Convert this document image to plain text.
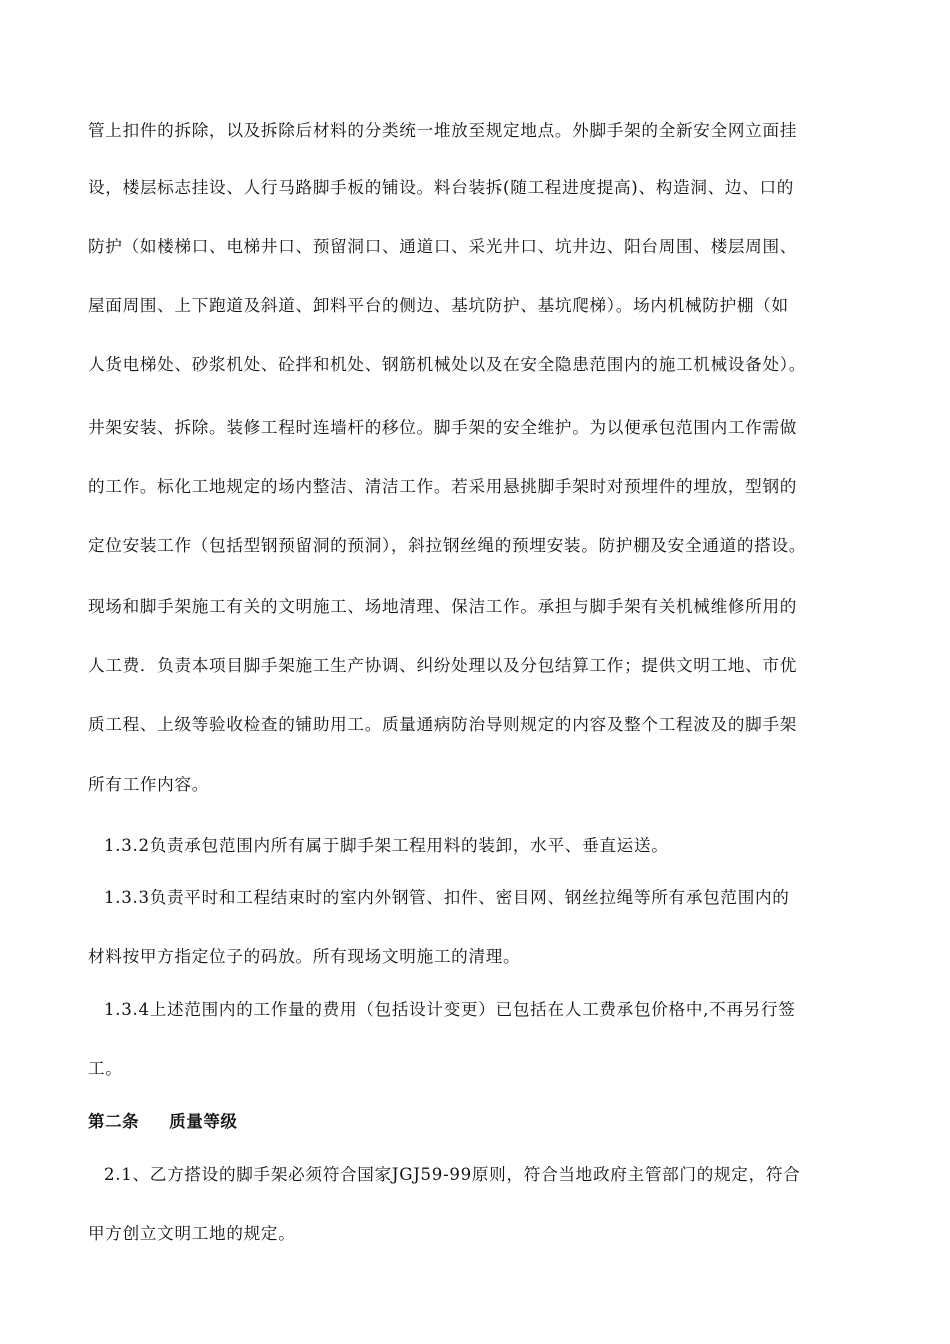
管上扣件的拆除，以及拆除后材料的分类统一堆放至规定地点。外脚手架的全新安全网立面挂
设，楼层标志挂设、人行马路脚手板的铺设。料台装拆(随工程进度提高)、构造洞、边、口的
防护（如楼梯口、电梯井口、预留洞口、通道口、采光井口、坑井边、阳台周围、楼层周围、
屋面周围、上下跑道及斜道、卸料平台的侧边、基坑防护、基坑爬梯）。场内机械防护棚（如
人货电梯处、砂浆机处、砼拌和机处、钢筋机械处以及在安全隐患范围内的施工机械设备处）。
井架安装、拆除。装修工程时连墙杆的移位。脚手架的安全维护。为以便承包范围内工作需做
的工作。标化工地规定的场内整洁、清洁工作。若采用悬挑脚手架时对预埋件的埋放，型钢的
定位安装工作（包括型钢预留洞的预洞），斜拉钢丝绳的预埋安装。防护棚及安全通道的搭设。
现场和脚手架施工有关的文明施工、场地清理、保洁工作。承担与脚手架有关机械维修所用的
人工费．负责本项目脚手架施工生产协调、纠纷处理以及分包结算工作；提供文明工地、市优
质工程、上级等验收检查的铺助用工。质量通病防治导则规定的内容及整个工程波及的脚手架
所有工作内容。
1.3.2负责承包范围内所有属于脚手架工程用料的装卸，水平、垂直运送。
1.3.3负责平时和工程结束时的室内外钢管、扣件、密目网、钢丝拉绳等所有承包范围内的
材料按甲方指定位子的码放。所有现场文明施工的清理。
1.3.4上述范围内的工作量的费用（包括设计变更）已包括在人工费承包价格中,不再另行签
工。
第二条 质量等级
2.1、乙方搭设的脚手架必须符合国家JGJ59-99原则，符合当地政府主管部门的规定，符合
甲方创立文明工地的规定。
